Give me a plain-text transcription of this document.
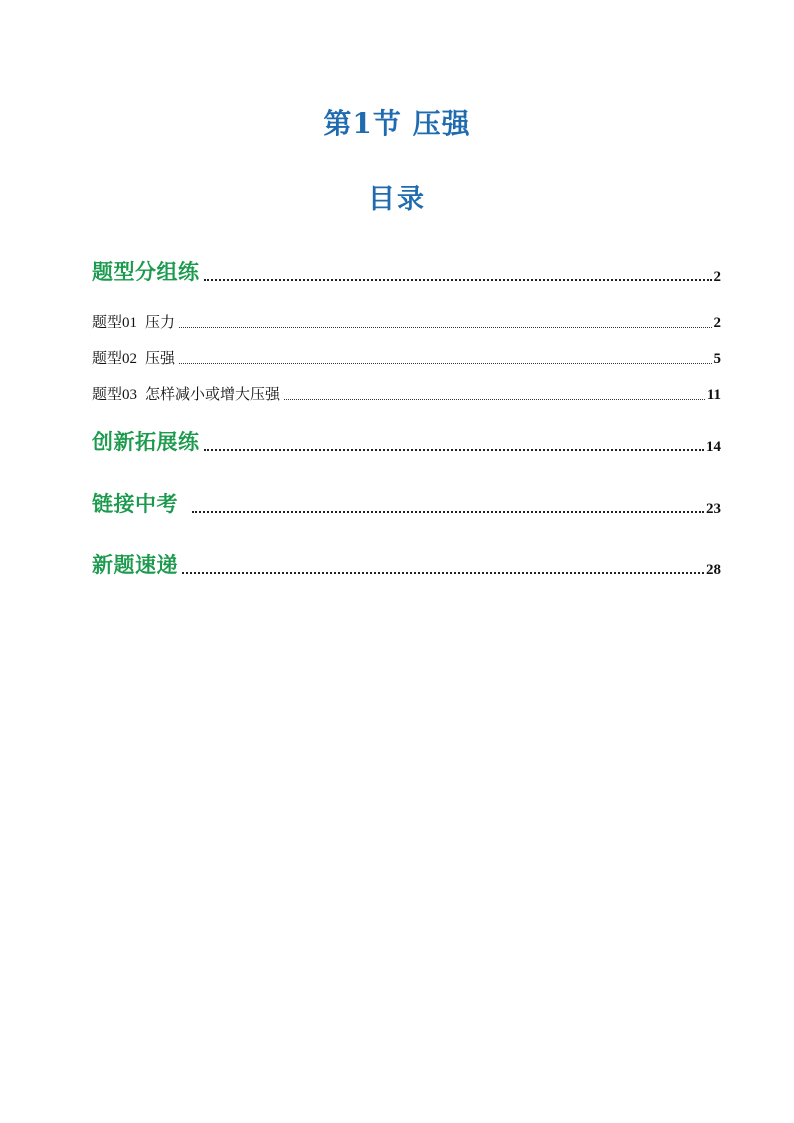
第1节 压强
目录
题型分组练	2
题型01 压力	2
题型02 压强	5
题型03 怎样减小或增大压强	11
创新拓展练	14
链接中考	23
新题速递	28
